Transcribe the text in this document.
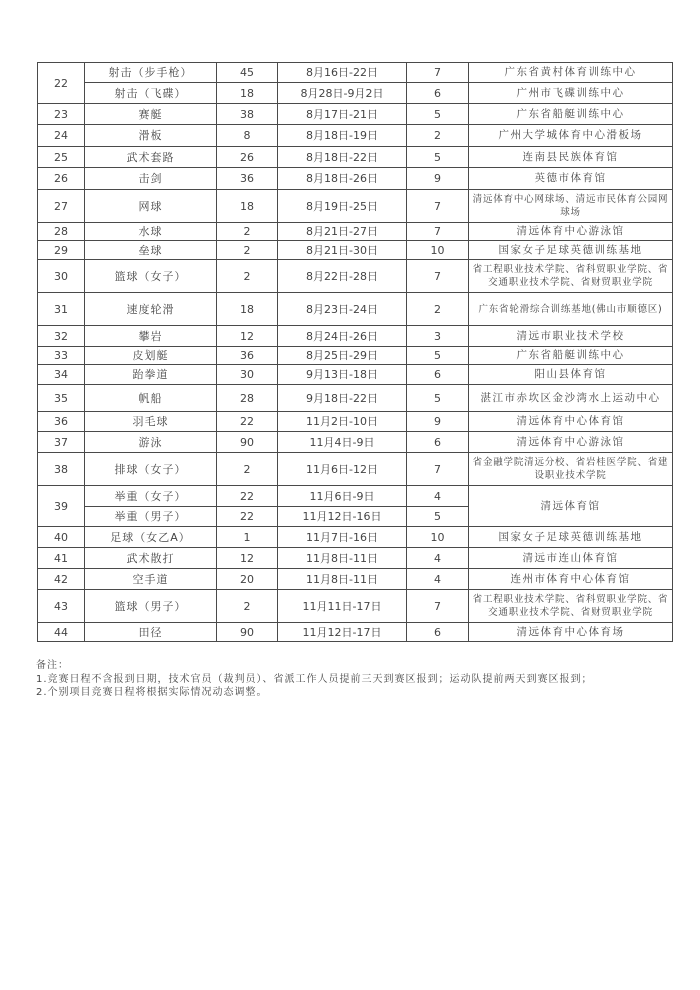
22	射击（步手枪）	45	8月16日-22日	7	广东省黄村体育训练中心
	射击（飞碟）	18	8月28日-9月2日	6	广州市飞碟训练中心
23	赛艇	38	8月17日-21日	5	广东省船艇训练中心
24	滑板	8	8月18日-19日	2	广州大学城体育中心滑板场
25	武术套路	26	8月18日-22日	5	连南县民族体育馆
26	击剑	36	8月18日-26日	9	英德市体育馆
27	网球	18	8月19日-25日	7	清远体育中心网球场、清远市民体育公园网球场
28	水球	2	8月21日-27日	7	清远体育中心游泳馆
29	垒球	2	8月21日-30日	10	国家女子足球英德训练基地
30	篮球（女子）	2	8月22日-28日	7	省工程职业技术学院、省科贸职业学院、省交通职业技术学院、省财贸职业学院
31	速度轮滑	18	8月23日-24日	2	广东省轮滑综合训练基地(佛山市顺德区)
32	攀岩	12	8月24日-26日	3	清远市职业技术学校
33	皮划艇	36	8月25日-29日	5	广东省船艇训练中心
34	跆拳道	30	9月13日-18日	6	阳山县体育馆
35	帆船	28	9月18日-22日	5	湛江市赤坎区金沙湾水上运动中心
36	羽毛球	22	11月2日-10日	9	清远体育中心体育馆
37	游泳	90	11月4日-9日	6	清远体育中心游泳馆
38	排球（女子）	2	11月6日-12日	7	省金融学院清远分校、省岩桂医学院、省建设职业技术学院
39	举重（女子）	22	11月6日-9日	4	清远体育馆
	举重（男子）	22	11月12日-16日	5	
40	足球（女乙A）	1	11月7日-16日	10	国家女子足球英德训练基地
41	武术散打	12	11月8日-11日	4	清远市连山体育馆
42	空手道	20	11月8日-11日	4	连州市体育中心体育馆
43	篮球（男子）	2	11月11日-17日	7	省工程职业技术学院、省科贸职业学院、省交通职业技术学院、省财贸职业学院
44	田径	90	11月12日-17日	6	清远体育中心体育场
备注：
1.竞赛日程不含报到日期，技术官员（裁判员）、省派工作人员提前三天到赛区报到；运动队提前两天到赛区报到；
2.个别项目竞赛日程将根据实际情况动态调整。
